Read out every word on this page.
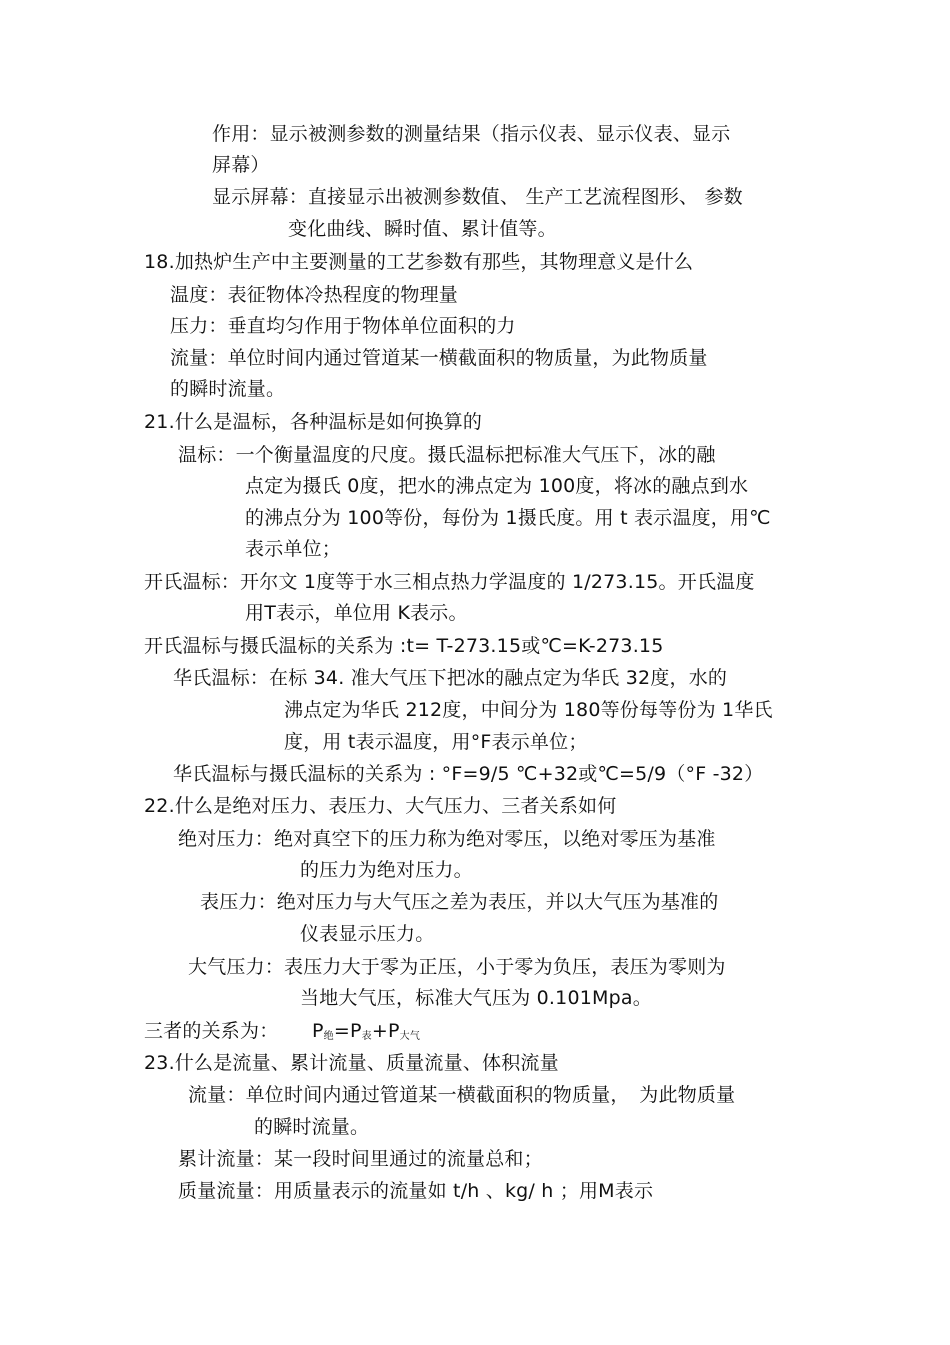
作用：显示被测参数的测量结果（指示仪表、显示仪表、显示
屏幕）
显示屏幕：直接显示出被测参数值、 生产工艺流程图形、 参数
变化曲线、瞬时值、累计值等。
18.加热炉生产中主要测量的工艺参数有那些，其物理意义是什么
温度：表征物体冷热程度的物理量
压力：垂直均匀作用于物体单位面积的力
流量：单位时间内通过管道某一横截面积的物质量，为此物质量
的瞬时流量。
21.什么是温标，各种温标是如何换算的
温标：一个衡量温度的尺度。摄氏温标把标准大气压下，冰的融
点定为摄氏 0度，把水的沸点定为 100度，将冰的融点到水
的沸点分为 100等份，每份为 1摄氏度。用 t 表示温度，用℃
表示单位；
开氏温标：开尔文 1度等于水三相点热力学温度的 1/273.15。开氏温度
用T表示，单位用 K表示。
开氏温标与摄氏温标的关系为 :t= T-273.15或℃=K-273.15
华氏温标：在标 34. 准大气压下把冰的融点定为华氏 32度，水的
沸点定为华氏 212度，中间分为 180等份每等份为 1华氏
度，用 t表示温度，用°F表示单位；
华氏温标与摄氏温标的关系为 : °F=9/5 ℃+32或℃=5/9（°F -32）
22.什么是绝对压力、表压力、大气压力、三者关系如何
绝对压力：绝对真空下的压力称为绝对零压，以绝对零压为基准
的压力为绝对压力。
表压力：绝对压力与大气压之差为表压，并以大气压为基准的
仪表显示压力。
大气压力：表压力大于零为正压，小于零为负压，表压为零则为
当地大气压，标准大气压为 0.101Mpa。
三者的关系为： $P_绝=P_表+P_{大气}$
23.什么是流量、累计流量、质量流量、体积流量
流量：单位时间内通过管道某一横截面积的物质量，　为此物质量
的瞬时流量。
累计流量：某一段时间里通过的流量总和；
质量流量：用质量表示的流量如 t/h 、kg/ h ；用M表示
